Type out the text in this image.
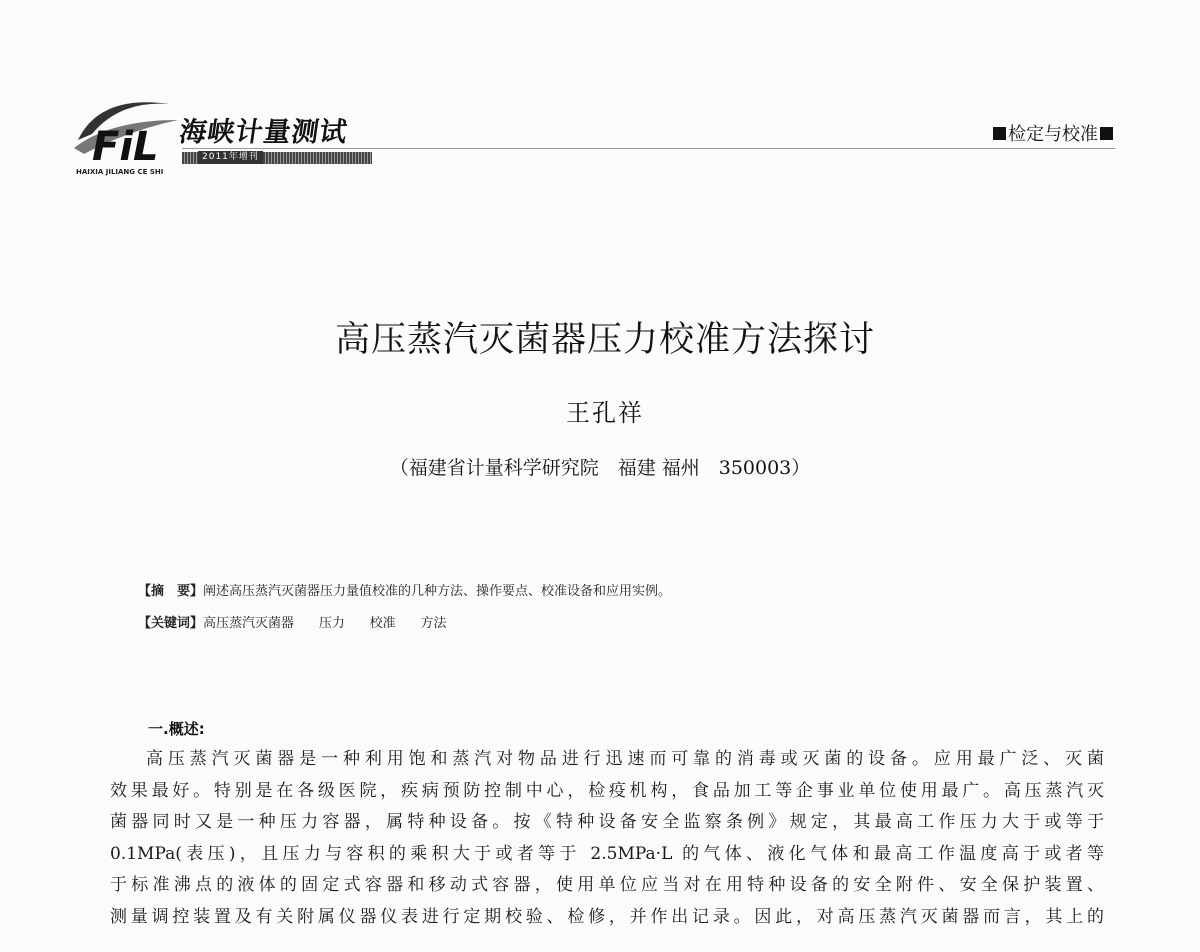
FiL 海峡计量测试
2011年增刊
HAIXIA JILIANG CE SHI
检定与校准
高压蒸汽灭菌器压力校准方法探讨
王孔祥
（福建省计量科学研究院　福建 福州　350003）
【摘　要】阐述高压蒸汽灭菌器压力量值校准的几种方法、操作要点、校准设备和应用实例。
【关键词】高压蒸汽灭菌器 压力 校准 方法
一.概述:
高压蒸汽灭菌器是一种利用饱和蒸汽对物品进行迅速而可靠的消毒或灭菌的设备。应用最广泛、灭菌
效果最好。特别是在各级医院，疾病预防控制中心，检疫机构，食品加工等企事业单位使用最广。高压蒸汽灭
菌器同时又是一种压力容器，属特种设备。按《特种设备安全监察条例》规定，其最高工作压力大于或等于
0.1MPa(表压)，且压力与容积的乘积大于或者等于 2.5MPa·L 的气体、液化气体和最高工作温度高于或者等
于标准沸点的液体的固定式容器和移动式容器，使用单位应当对在用特种设备的安全附件、安全保护装置、
测量调控装置及有关附属仪器仪表进行定期校验、检修，并作出记录。因此，对高压蒸汽灭菌器而言，其上的
